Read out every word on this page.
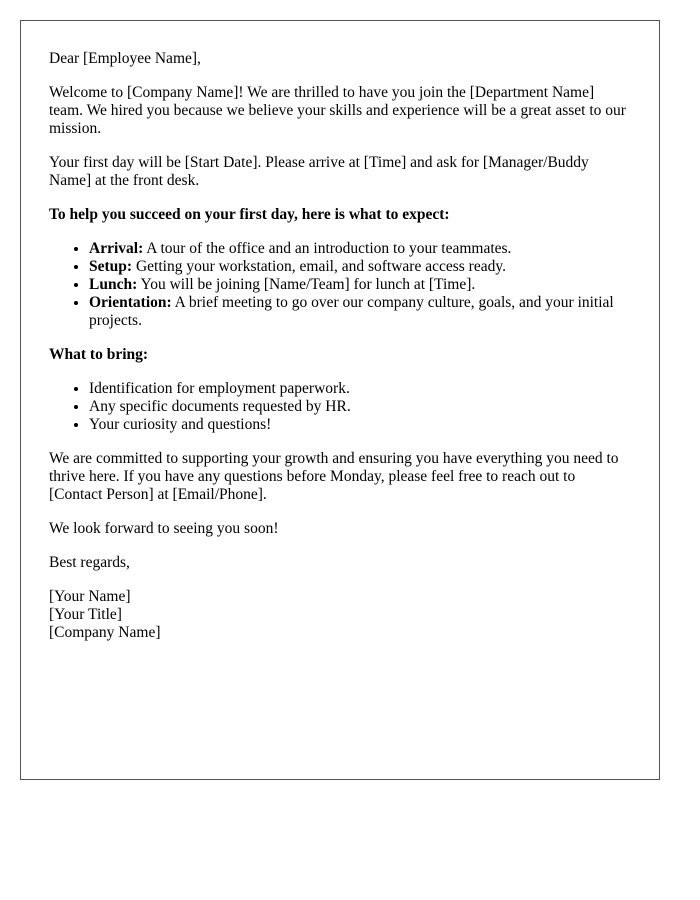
Dear [Employee Name],

Welcome to [Company Name]! We are thrilled to have you join the [Department Name] team. We hired you because we believe your skills and experience will be a great asset to our mission.

Your first day will be [Start Date]. Please arrive at [Time] and ask for [Manager/Buddy Name] at the front desk.

To help you succeed on your first day, here is what to expect:

• Arrival: A tour of the office and an introduction to your teammates.
• Setup: Getting your workstation, email, and software access ready.
• Lunch: You will be joining [Name/Team] for lunch at [Time].
• Orientation: A brief meeting to go over our company culture, goals, and your initial projects.

What to bring:

• Identification for employment paperwork.
• Any specific documents requested by HR.
• Your curiosity and questions!

We are committed to supporting your growth and ensuring you have everything you need to thrive here. If you have any questions before Monday, please feel free to reach out to [Contact Person] at [Email/Phone].

We look forward to seeing you soon!

Best regards,

[Your Name]
[Your Title]
[Company Name]
